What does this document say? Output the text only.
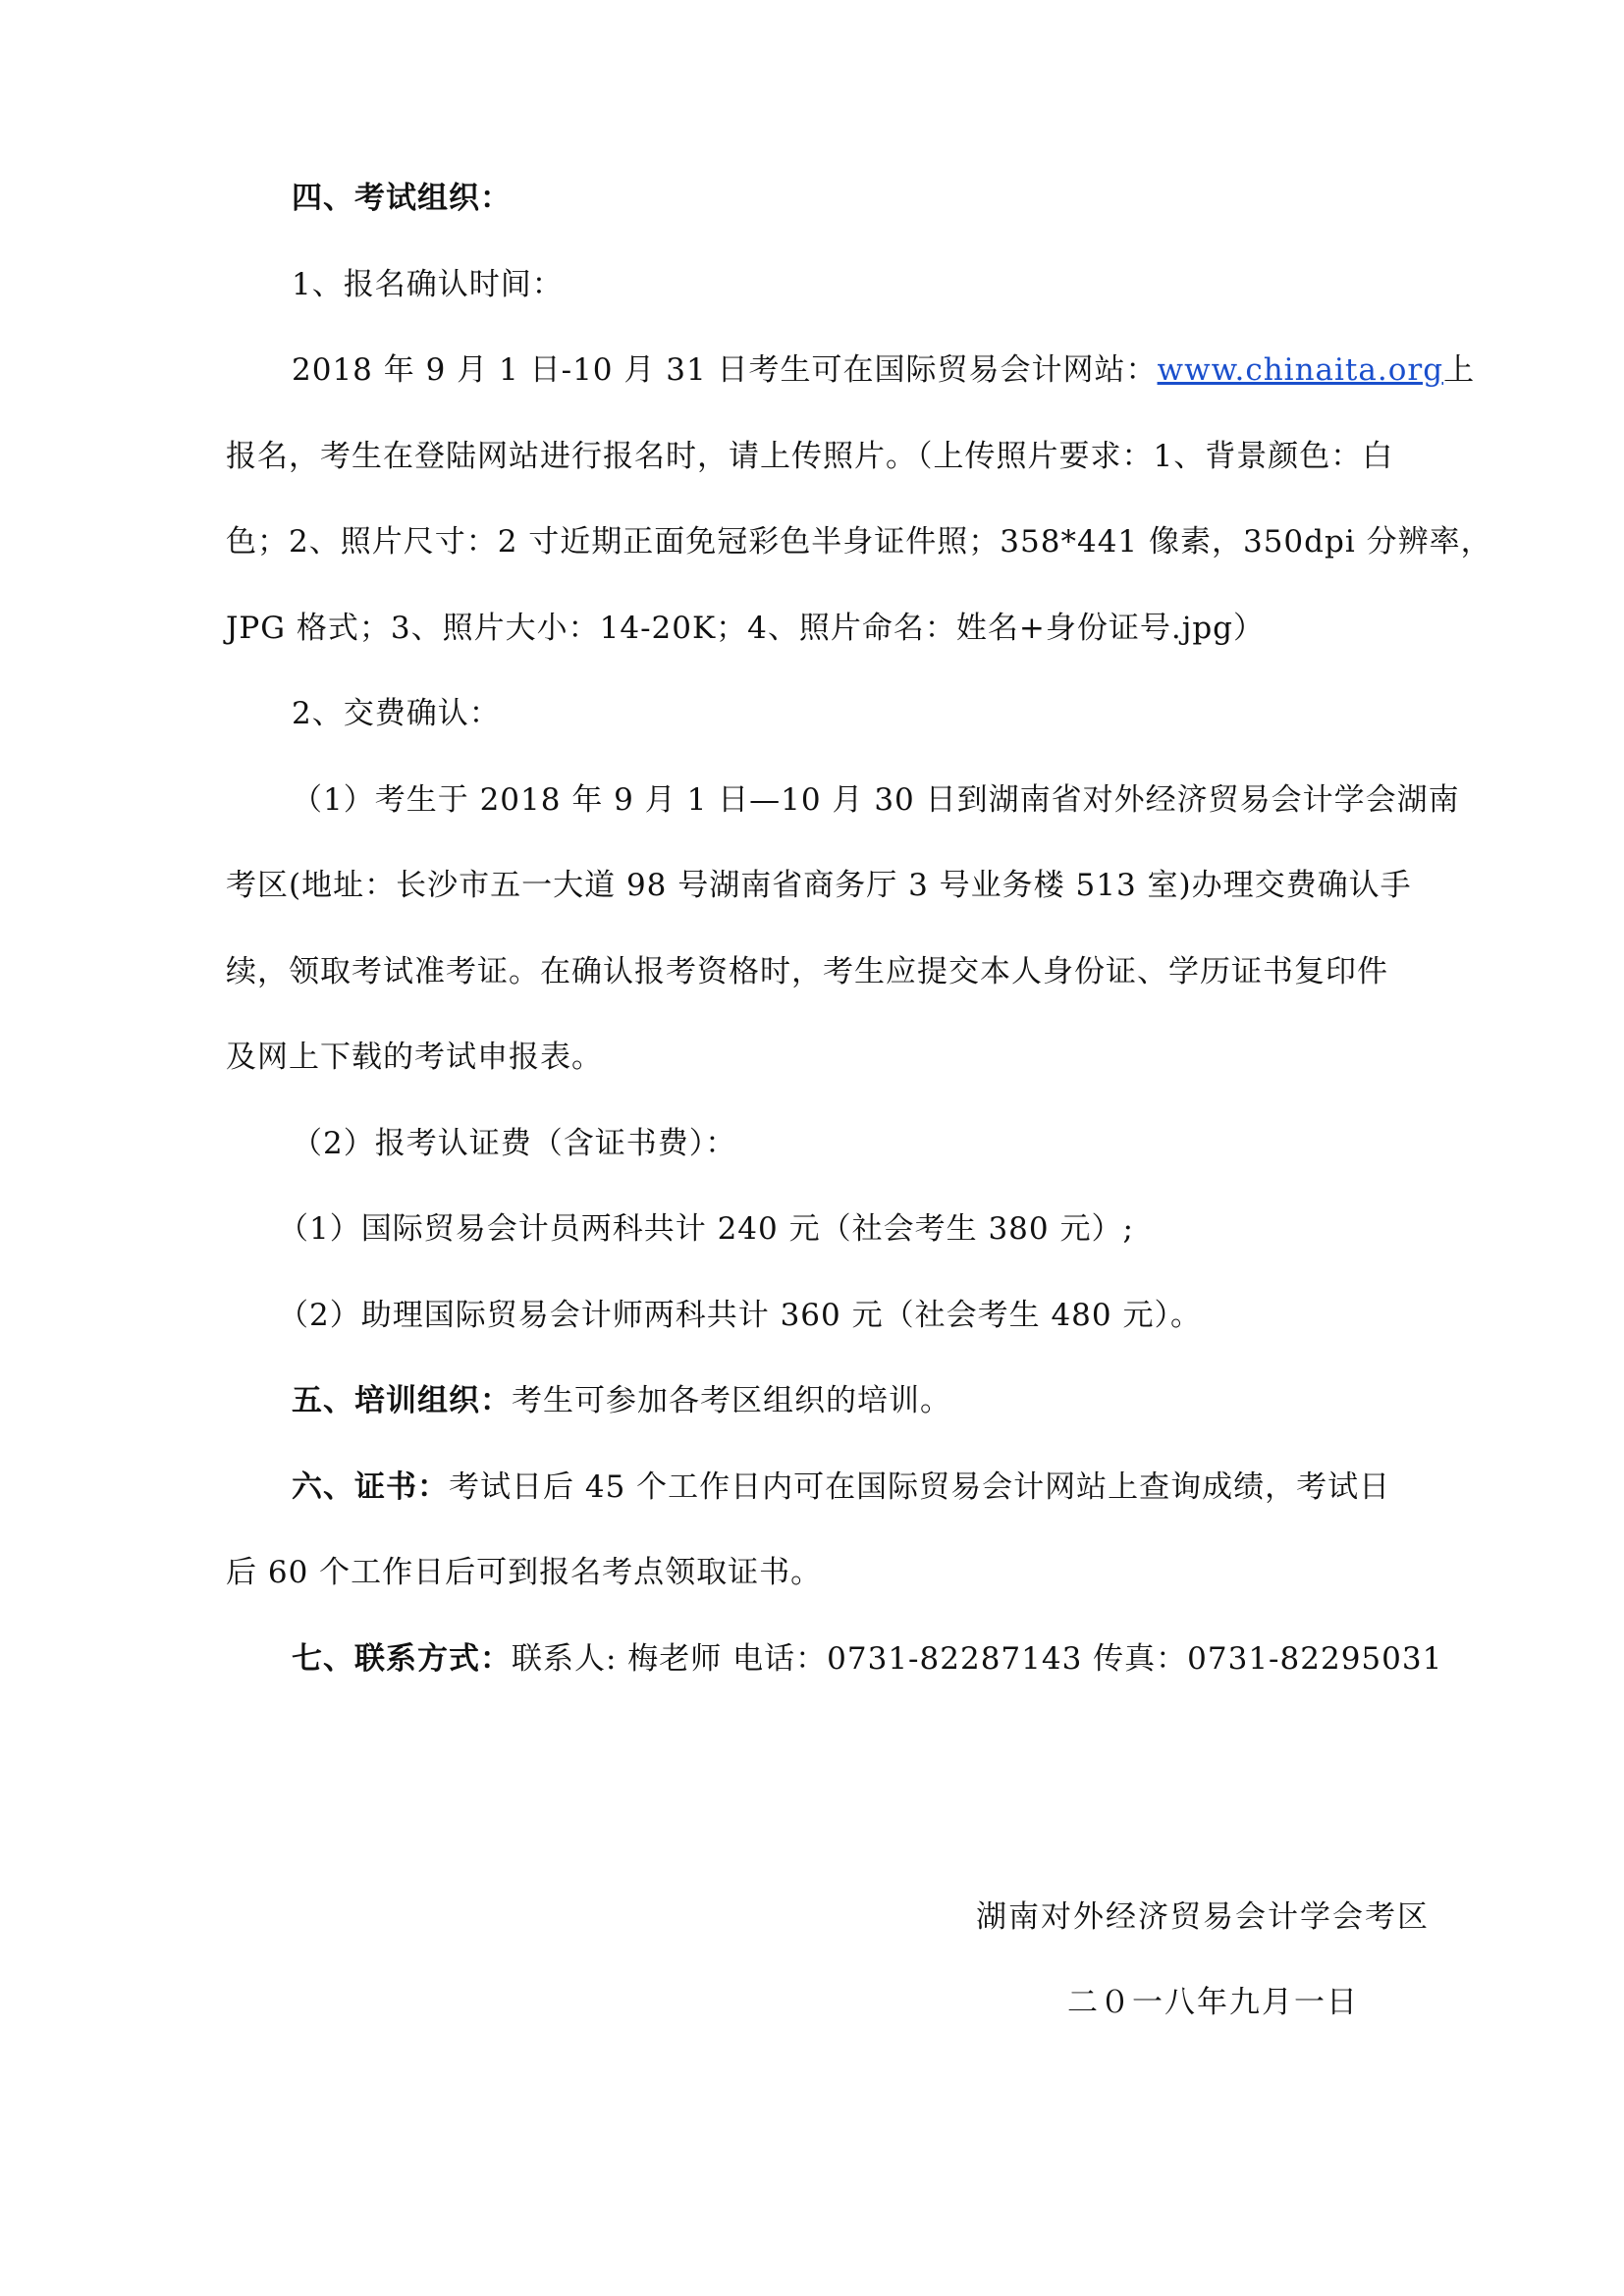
四、考试组织：
1、报名确认时间：
2018 年 9 月 1 日-10 月 31 日考生可在国际贸易会计网站：www.chinaita.org上
报名，考生在登陆网站进行报名时，请上传照片。（上传照片要求：1、背景颜色：白
色；2、照片尺寸：2 寸近期正面免冠彩色半身证件照；358*441 像素，350dpi 分辨率，
JPG 格式；3、照片大小：14-20K；4、照片命名：姓名+身份证号.jpg）
2、交费确认：
（1）考生于 2018 年 9 月 1 日—10 月 30 日到湖南省对外经济贸易会计学会湖南
考区(地址：长沙市五一大道 98 号湖南省商务厅 3 号业务楼 513 室)办理交费确认手
续，领取考试准考证。在确认报考资格时，考生应提交本人身份证、学历证书复印件
及网上下载的考试申报表。
（2）报考认证费（含证书费）：
（1）国际贸易会计员两科共计 240 元（社会考生 380 元）;
（2）助理国际贸易会计师两科共计 360 元（社会考生 480 元）。
五、培训组织：考生可参加各考区组织的培训。
六、证书：考试日后 45 个工作日内可在国际贸易会计网站上查询成绩，考试日
后 60 个工作日后可到报名考点领取证书。
七、联系方式：联系人: 梅老师 电话：0731-82287143 传真：0731-82295031
湖南对外经济贸易会计学会考区
二０一八年九月一日
